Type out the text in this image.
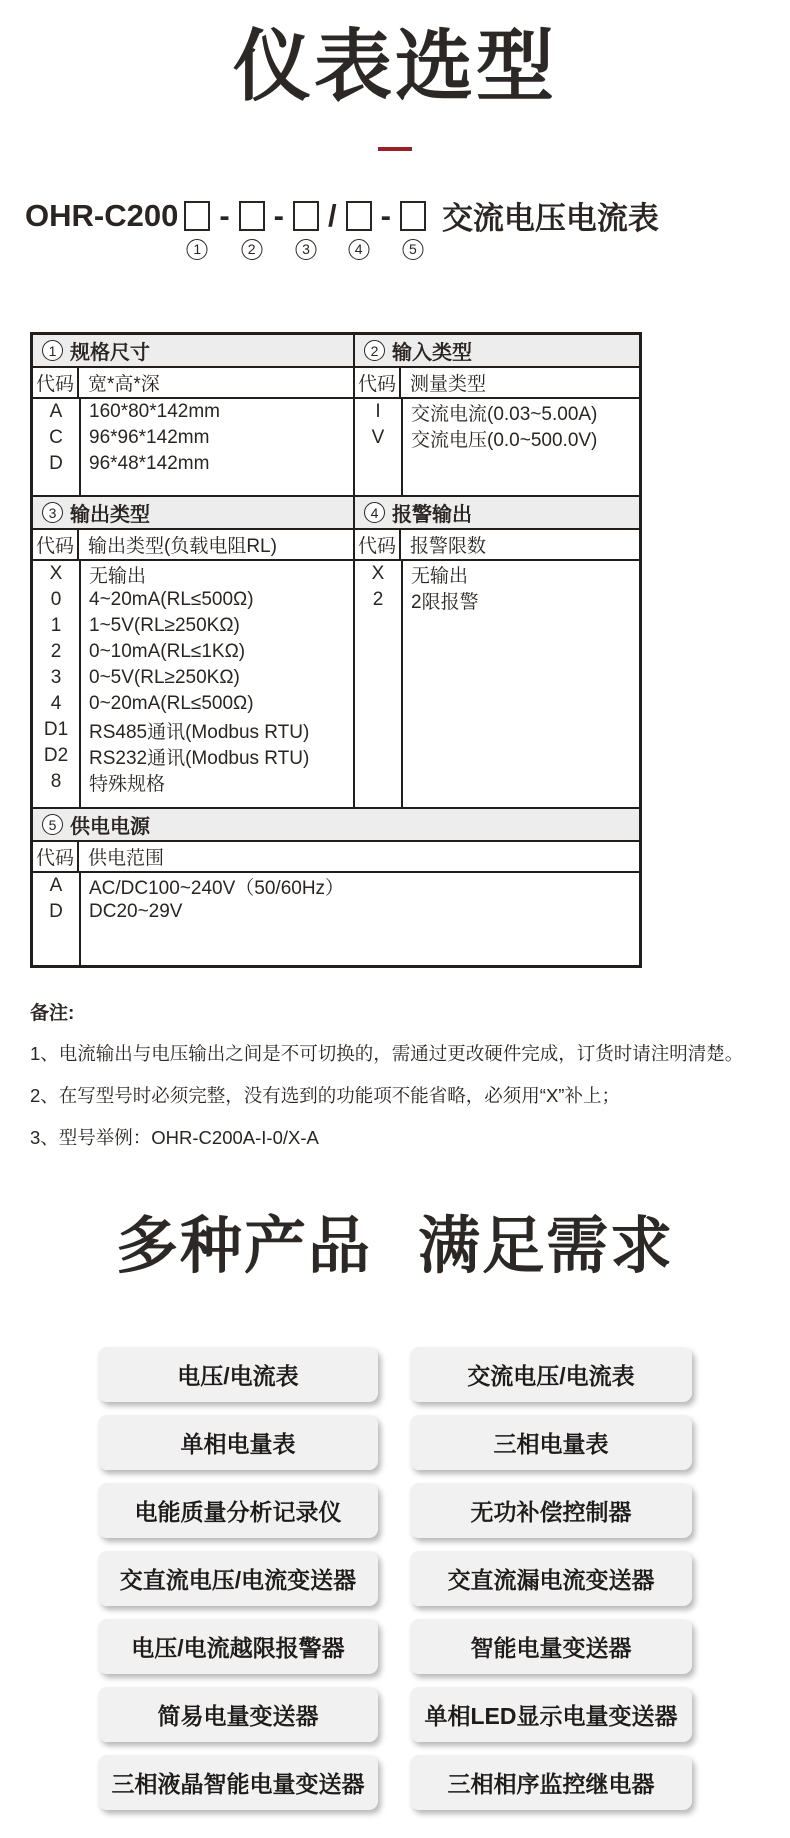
仪表选型
OHR-C200
1
-
2
-
3
/
4
-
5
交流电压电流表
1 规格尺寸
代码 宽*高*深
A	160*80*142mm
C	96*96*142mm
D	96*48*142mm
3 输出类型
代码 输出类型(负载电阻RL)
X	无输出
0	4~20mA(RL≤500Ω)
1	1~5V(RL≥250KΩ)
2	0~10mA(RL≤1KΩ)
3	0~5V(RL≥250KΩ)
4	0~20mA(RL≤500Ω)
D1	RS485通讯(Modbus RTU)
D2	RS232通讯(Modbus RTU)
8	特殊规格
2 输入类型
代码 测量类型
I	交流电流(0.03~5.00A)
V	交流电压(0.0~500.0V)
4 报警输出
代码 报警限数
X	无输出
2	2限报警
5 供电电源
代码 供电范围
A	AC/DC100~240V（50/60Hz）
D	DC20~29V
备注:
1、电流输出与电压输出之间是不可切换的，需通过更改硬件完成，订货时请注明清楚。
2、在写型号时必须完整，没有选到的功能项不能省略，必须用“X”补上；
3、型号举例：OHR-C200A-I-0/X-A
多种产品 满足需求
电压/电流表
单相电量表
电能质量分析记录仪
交直流电压/电流变送器
电压/电流越限报警器
简易电量变送器
三相液晶智能电量变送器
交流电压/电流表
三相电量表
无功补偿控制器
交直流漏电流变送器
智能电量变送器
单相LED显示电量变送器
三相相序监控继电器
